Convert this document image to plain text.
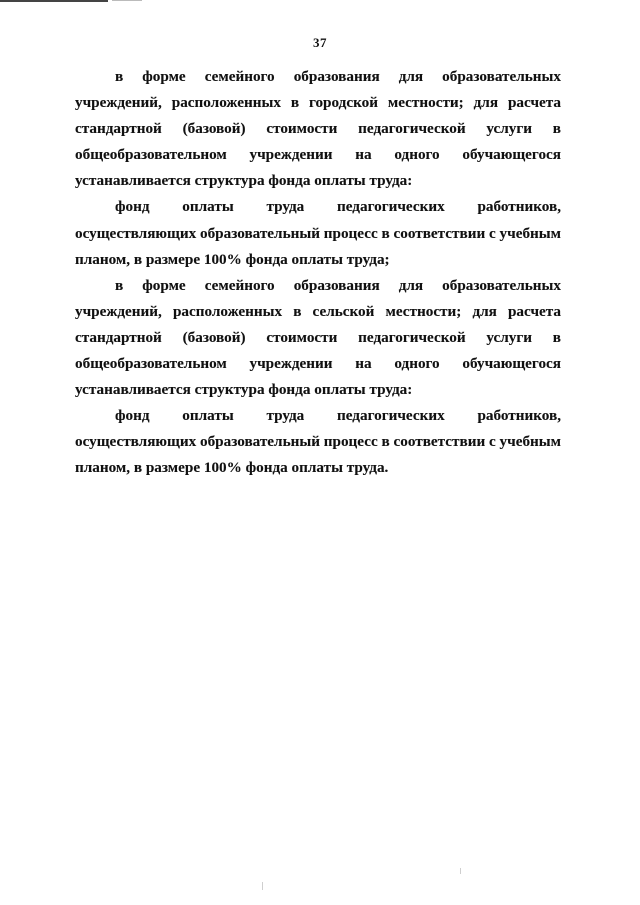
37

в форме семейного образования для образовательных учреждений, расположенных в городской местности; для расчета стандартной (базовой) стоимости педагогической услуги в общеобразовательном учреждении на одного обучающегося устанавливается структура фонда оплаты труда:

фонд оплаты труда педагогических работников, осуществляющих образовательный процесс в соответствии с учебным планом, в размере 100% фонда оплаты труда;

в форме семейного образования для образовательных учреждений, расположенных в сельской местности; для расчета стандартной (базовой) стоимости педагогической услуги в общеобразовательном учреждении на одного обучающегося устанавливается структура фонда оплаты труда:

фонд оплаты труда педагогических работников, осуществляющих образовательный процесс в соответствии с учебным планом, в размере 100% фонда оплаты труда.
